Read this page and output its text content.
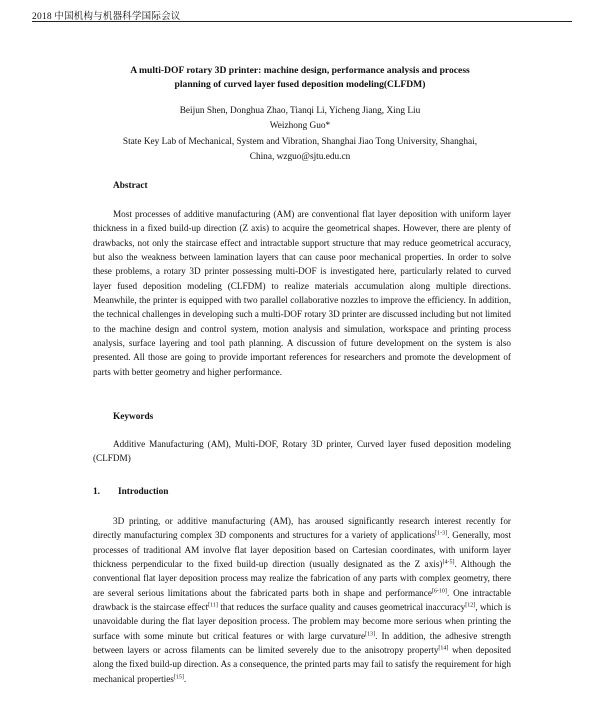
2018 中国机构与机器科学国际会议
A multi-DOF rotary 3D printer: machine design, performance analysis and process
planning of curved layer fused deposition modeling(CLFDM)
Beijun Shen, Donghua Zhao, Tianqi Li, Yicheng Jiang, Xing Liu
Weizhong Guo*
State Key Lab of Mechanical, System and Vibration, Shanghai Jiao Tong University, Shanghai,
China, wzguo@sjtu.edu.cn
Abstract
Most processes of additive manufacturing (AM) are conventional flat layer deposition with uniform layer thickness in a fixed build-up direction (Z axis) to acquire the geometrical shapes. However, there are plenty of drawbacks, not only the staircase effect and intractable support structure that may reduce geometrical accuracy, but also the weakness between lamination layers that can cause poor mechanical properties. In order to solve these problems, a rotary 3D printer possessing multi-DOF is investigated here, particularly related to curved layer fused deposition modeling (CLFDM) to realize materials accumulation along multiple directions. Meanwhile, the printer is equipped with two parallel collaborative nozzles to improve the efficiency. In addition, the technical challenges in developing such a multi-DOF rotary 3D printer are discussed including but not limited to the machine design and control system, motion analysis and simulation, workspace and printing process analysis, surface layering and tool path planning. A discussion of future development on the system is also presented. All those are going to provide important references for researchers and promote the development of parts with better geometry and higher performance.
Keywords
Additive Manufacturing (AM), Multi-DOF, Rotary 3D printer, Curved layer fused deposition modeling (CLFDM)
1. Introduction
3D printing, or additive manufacturing (AM), has aroused significantly research interest recently for directly manufacturing complex 3D components and structures for a variety of applications[1-3]. Generally, most processes of traditional AM involve flat layer deposition based on Cartesian coordinates, with uniform layer thickness perpendicular to the fixed build-up direction (usually designated as the Z axis)[4-5]. Although the conventional flat layer deposition process may realize the fabrication of any parts with complex geometry, there are several serious limitations about the fabricated parts both in shape and performance[6-10]. One intractable drawback is the staircase effect[11] that reduces the surface quality and causes geometrical inaccuracy[12], which is unavoidable during the flat layer deposition process. The problem may become more serious when printing the surface with some minute but critical features or with large curvature[13]. In addition, the adhesive strength between layers or across filaments can be limited severely due to the anisotropy property[14] when deposited along the fixed build-up direction. As a consequence, the printed parts may fail to satisfy the requirement for high mechanical properties[15].
